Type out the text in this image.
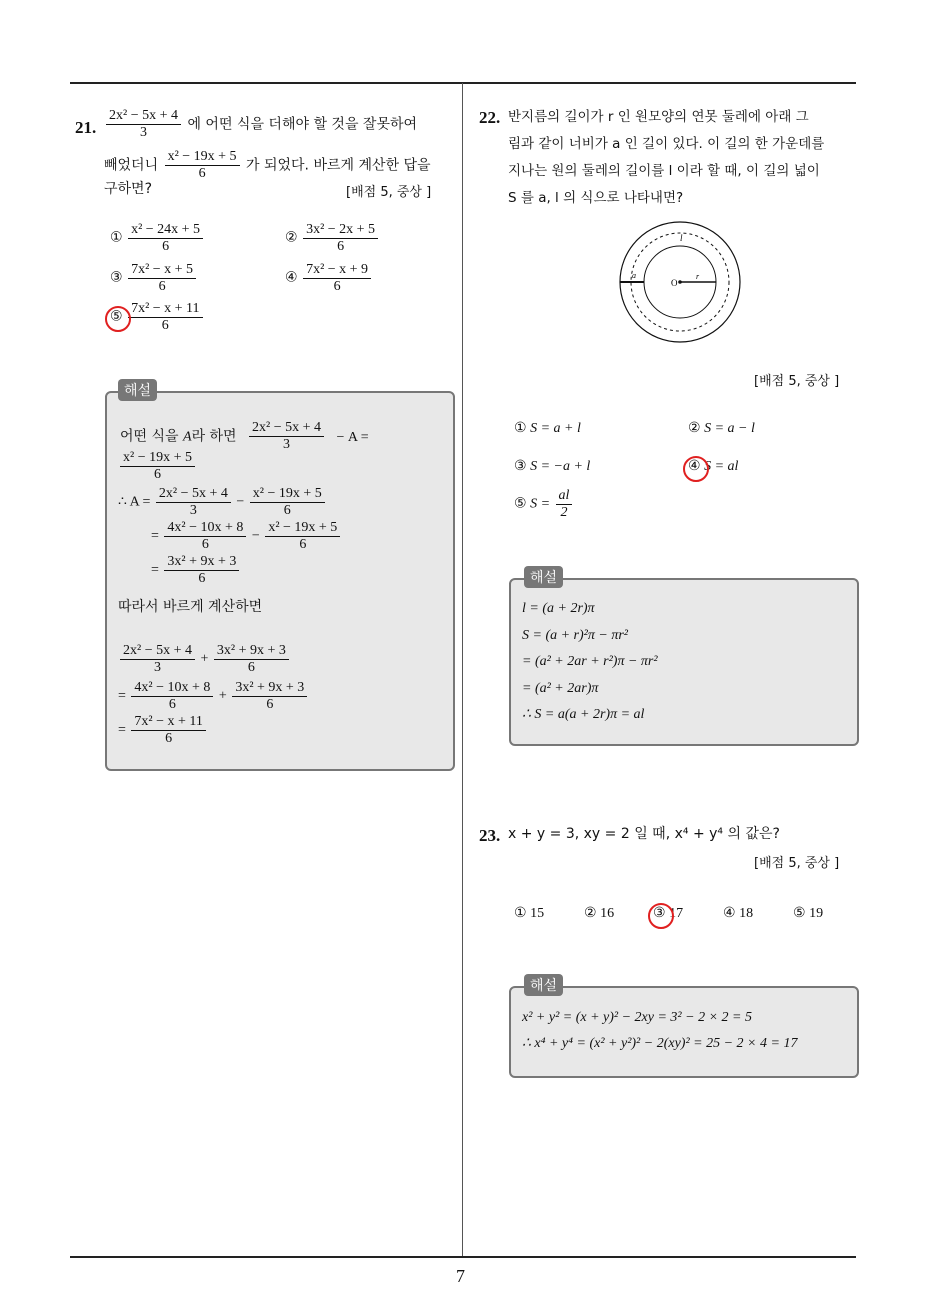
7
21. $\frac{\text{2x² − 5x + 4}}{3}$ 에 어떤 식을 더해야 할 것을 잘못하여
빼었더니 $\frac{\text{x² − 19x + 5}}{6}$ 가 되었다. 바르게 계산한 답을
구하면?	[배점 5, 중상 ]
① $\frac{\text{x² − 24x + 5}}{6}$	② $\frac{\text{3x² − 2x + 5}}{6}$
③ $\frac{\text{7x² − x + 5}}{6}$	④ $\frac{\text{7x² − x + 9}}{6}$
⑤ $\frac{\text{7x² − x + 11}}{6}$
해설
어떤 식을 A라 하면 $\frac{\text{2x² − 5x + 4}}{3} - A$ =
$\frac{\text{x² − 19x + 5}}{6}$
∴ $A = \frac{\text{2x² − 5x + 4}}{3} - \frac{\text{x² − 19x + 5}}{6}$
= $\frac{\text{4x² − 10x + 8}}{6} - \frac{\text{x² − 19x + 5}}{6}$
= $\frac{\text{3x² + 9x + 3}}{6}$
따라서 바르게 계산하면
$\frac{\text{2x² − 5x + 4}}{3} + \frac{\text{3x² + 9x + 3}}{6}$
= $\frac{\text{4x² − 10x + 8}}{6} + \frac{\text{3x² + 9x + 3}}{6}$
= $\frac{\text{7x² − x + 11}}{6}$
22. 반지름의 길이가 r 인 원모양의 연못 둘레에 아래 그
림과 같이 너비가 a 인 길이 있다. 이 길의 한 가운데를
지나는 원의 둘레의 길이를 l 이라 할 때, 이 길의 넓이
S 를 a, l 의 식으로 나타내면?
l
a
O
r
[배점 5, 중상 ]
① S = a + l	② S = a − l
③ S = −a + l	④ S = al
⑤ $S = \frac{al}{2}$
해설
l = (a + 2r)π
S = (a + r)²π − πr²
= (a² + 2ar + r²)π − πr²
= (a² + 2ar)π
∴ S = a(a + 2r)π = al
23. x + y = 3, xy = 2 일 때, x⁴ + y⁴ 의 값은?
[배점 5, 중상 ]
① 15	② 16	③ 17	④ 18	⑤ 19
해설
x² + y² = (x + y)² − 2xy = 3² − 2 × 2 = 5
∴ x⁴ + y⁴ = (x² + y²)² − 2(xy)² = 25 − 2 × 4 = 17
